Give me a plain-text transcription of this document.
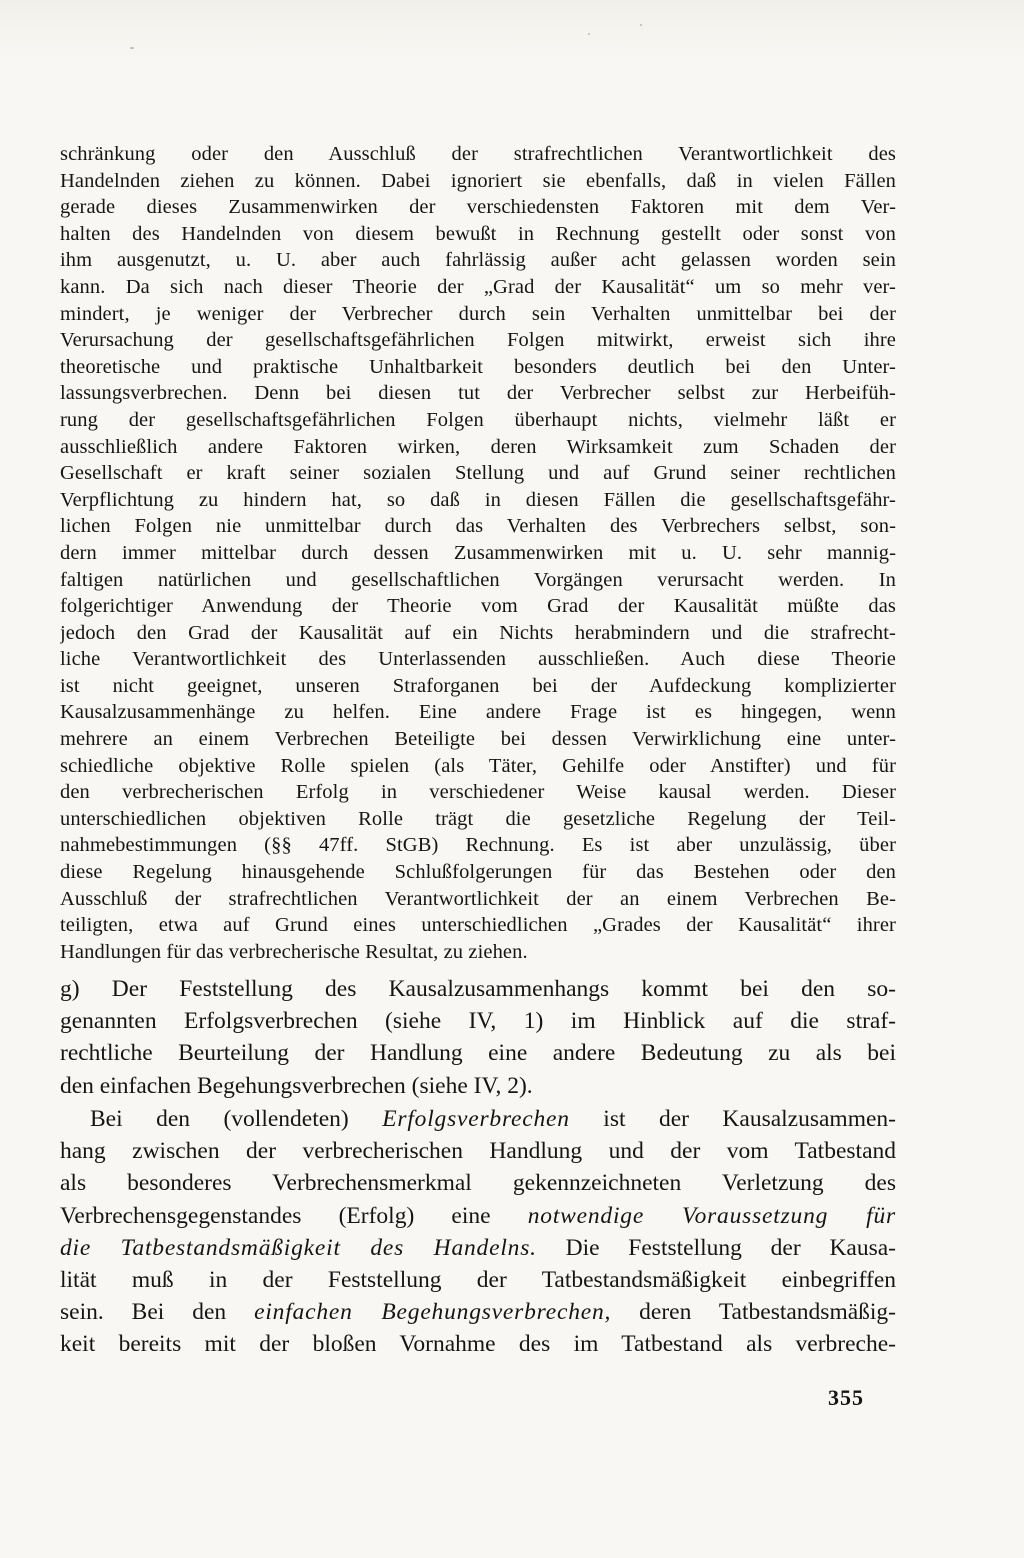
schränkung oder den Ausschluß der strafrechtlichen Verantwortlichkeit des
Handelnden ziehen zu können. Dabei ignoriert sie ebenfalls, daß in vielen Fällen
gerade dieses Zusammenwirken der verschiedensten Faktoren mit dem Ver-
halten des Handelnden von diesem bewußt in Rechnung gestellt oder sonst von
ihm ausgenutzt, u. U. aber auch fahrlässig außer acht gelassen worden sein
kann. Da sich nach dieser Theorie der „Grad der Kausalität“ um so mehr ver-
mindert, je weniger der Verbrecher durch sein Verhalten unmittelbar bei der
Verursachung der gesellschaftsgefährlichen Folgen mitwirkt, erweist sich ihre
theoretische und praktische Unhaltbarkeit besonders deutlich bei den Unter-
lassungsverbrechen. Denn bei diesen tut der Verbrecher selbst zur Herbeifüh-
rung der gesellschaftsgefährlichen Folgen überhaupt nichts, vielmehr läßt er
ausschließlich andere Faktoren wirken, deren Wirksamkeit zum Schaden der
Gesellschaft er kraft seiner sozialen Stellung und auf Grund seiner rechtlichen
Verpflichtung zu hindern hat, so daß in diesen Fällen die gesellschaftsgefähr-
lichen Folgen nie unmittelbar durch das Verhalten des Verbrechers selbst, son-
dern immer mittelbar durch dessen Zusammenwirken mit u. U. sehr mannig-
faltigen natürlichen und gesellschaftlichen Vorgängen verursacht werden. In
folgerichtiger Anwendung der Theorie vom Grad der Kausalität müßte das
jedoch den Grad der Kausalität auf ein Nichts herabmindern und die strafrecht-
liche Verantwortlichkeit des Unterlassenden ausschließen. Auch diese Theorie
ist nicht geeignet, unseren Straforganen bei der Aufdeckung komplizierter
Kausalzusammenhänge zu helfen. Eine andere Frage ist es hingegen, wenn
mehrere an einem Verbrechen Beteiligte bei dessen Verwirklichung eine unter-
schiedliche objektive Rolle spielen (als Täter, Gehilfe oder Anstifter) und für
den verbrecherischen Erfolg in verschiedener Weise kausal werden. Dieser
unterschiedlichen objektiven Rolle trägt die gesetzliche Regelung der Teil-
nahmebestimmungen (§§ 47ff. StGB) Rechnung. Es ist aber unzulässig, über
diese Regelung hinausgehende Schlußfolgerungen für das Bestehen oder den
Ausschluß der strafrechtlichen Verantwortlichkeit der an einem Verbrechen Be-
teiligten, etwa auf Grund eines unterschiedlichen „Grades der Kausalität“ ihrer
Handlungen für das verbrecherische Resultat, zu ziehen.
g) Der Feststellung des Kausalzusammenhangs kommt bei den so-
genannten Erfolgsverbrechen (siehe IV, 1) im Hinblick auf die straf-
rechtliche Beurteilung der Handlung eine andere Bedeutung zu als bei
den einfachen Begehungsverbrechen (siehe IV, 2).
Bei den (vollendeten) Erfolgsverbrechen ist der Kausalzusammen-
hang zwischen der verbrecherischen Handlung und der vom Tatbestand
als besonderes Verbrechensmerkmal gekennzeichneten Verletzung des
Verbrechensgegenstandes (Erfolg) eine notwendige Voraussetzung für
die Tatbestandsmäßigkeit des Handelns. Die Feststellung der Kausa-
lität muß in der Feststellung der Tatbestandsmäßigkeit einbegriffen
sein. Bei den einfachen Begehungsverbrechen, deren Tatbestandsmäßig-
keit bereits mit der bloßen Vornahme des im Tatbestand als verbreche-
355
